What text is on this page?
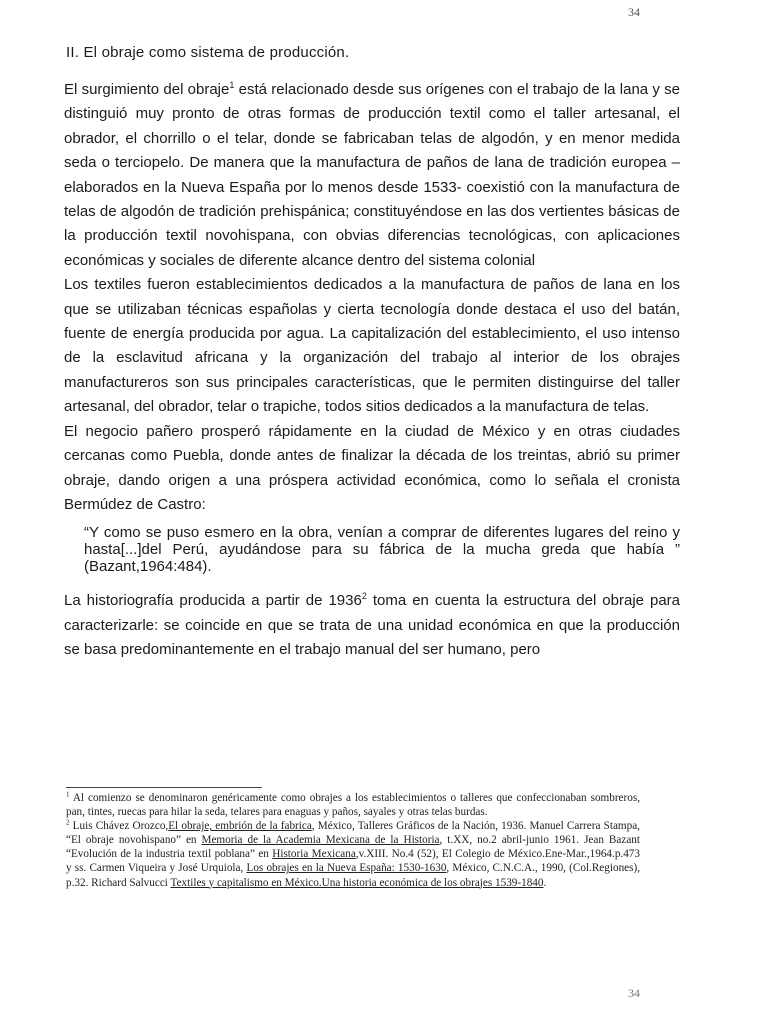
34
II. El obraje como sistema de producción.

El surgimiento del obraje$^1$ está relacionado desde sus orígenes con el trabajo de la lana y se distinguió muy pronto de otras formas de producción textil como el taller artesanal, el obrador, el chorrillo o el telar, donde se fabricaban telas de algodón, y en menor medida seda o terciopelo. De manera que la manufactura de paños de lana de tradición europea –elaborados en la Nueva España por lo menos desde 1533- coexistió con la manufactura de telas de algodón de tradición prehispánica; constituyéndose en las dos vertientes básicas de la producción textil novohispana, con obvias diferencias tecnológicas, con aplicaciones económicas y sociales de diferente alcance dentro del sistema colonial

Los textiles fueron establecimientos dedicados a la manufactura de paños de lana en los que se utilizaban técnicas españolas y cierta tecnología donde destaca el uso del batán, fuente de energía producida por agua. La capitalización del establecimiento, el uso intenso de la esclavitud africana y la organización del trabajo al interior de los obrajes manufactureros son sus principales características, que le permiten distinguirse del taller artesanal, del obrador, telar o trapiche, todos sitios dedicados a la manufactura de telas.

El negocio pañero prosperó rápidamente en la ciudad de México y en otras ciudades cercanas como Puebla, donde antes de finalizar la década de los treintas, abrió su primer obraje, dando origen a una próspera actividad económica, como lo señala el cronista Bermúdez de Castro:

“Y como se puso esmero en la obra, venían a comprar de diferentes lugares del reino y hasta[...]del Perú, ayudándose para su fábrica de la mucha greda que había ” (Bazant,1964:484).

La historiografía producida a partir de 1936$^2$ toma en cuenta la estructura del obraje para caracterizarle: se coincide en que se trata de una unidad económica en que la producción se basa predominantemente en el trabajo manual del ser humano, pero

$^1$ Al comienzo se denominaron genéricamente como obrajes a los establecimientos o talleres que confeccionaban sombreros, pan, tintes, ruecas para hilar la seda, telares para enaguas y paños, sayales y otras telas burdas.

$^2$ Luis Chávez Orozco,El obraje, embrión de la fabrica, México, Talleres Gráficos de la Nación, 1936. Manuel Carrera Stampa, “El obraje novohispano” en Memoria de la Academia Mexicana de la Historia, t.XX, no.2 abril-junio 1961. Jean Bazant “Evolución de la industria textil poblana” en Historia Mexicana,v.XIII. No.4 (52), El Colegio de México.Ene-Mar.,1964.p.473 y ss. Carmen Viqueira y José Urquiola, Los obrajes en la Nueva España: 1530-1630, México, C.N.C.A., 1990, (Col.Regiones), p.32. Richard Salvucci Textiles y capitalismo en México.Una historia económica de los obrajes 1539-1840.

34
